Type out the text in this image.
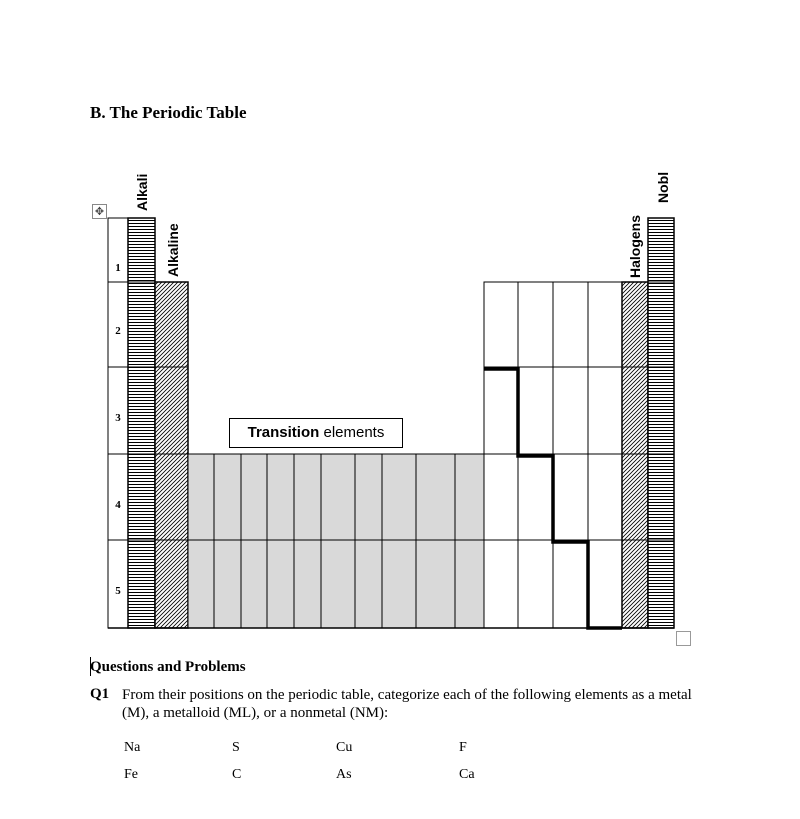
B. The Periodic Table
✥
Alkali
Alkaline	Halogens
Nobl
1
2
3
4
5
Transition elements
Questions and Problems
Q1 From their positions on the periodic table, categorize each of the following elements as a metal (M), a metalloid (ML), or a nonmetal (NM):
Na	S	Cu	F
Fe	C	As	Ca
